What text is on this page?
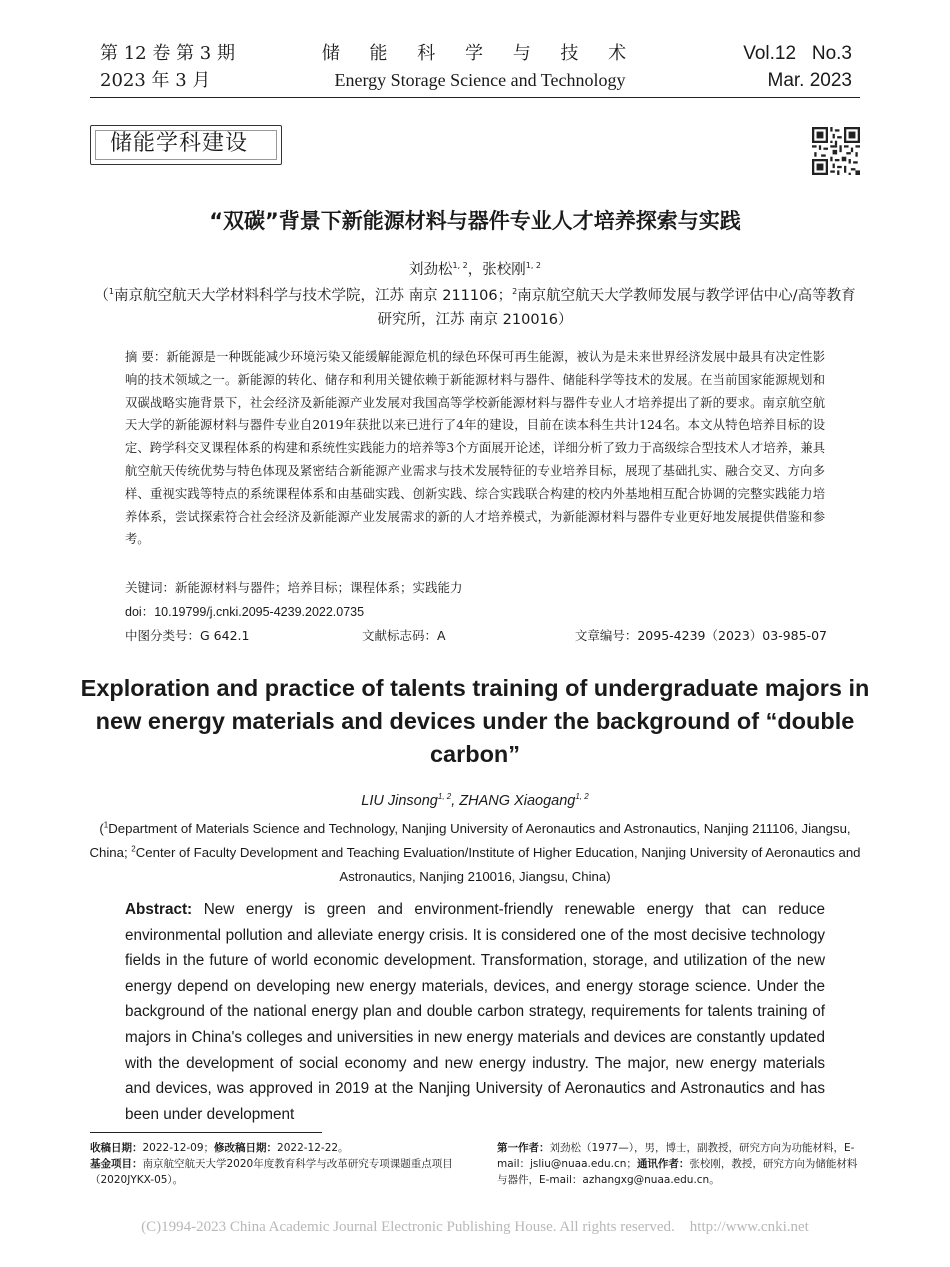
第 12 卷 第 3 期
2023 年 3 月
储 能 科 学 与 技 术
Energy Storage Science and Technology
Vol.12   No.3
Mar. 2023
储能学科建设
“双碳”背景下新能源材料与器件专业人才培养探索与实践
刘劲松$^{1, 2}$，张校刚$^{1, 2}$
（$^1$南京航空航天大学材料科学与技术学院，江苏 南京 211106；$^2$南京航空航天大学教师发展与教学评估中心/高等教育研究所，江苏 南京 210016）
摘 要：新能源是一种既能减少环境污染又能缓解能源危机的绿色环保可再生能源，被认为是未来世界经济发展中最具有决定性影响的技术领域之一。新能源的转化、储存和利用关键依赖于新能源材料与器件、储能科学等技术的发展。在当前国家能源规划和双碳战略实施背景下，社会经济及新能源产业发展对我国高等学校新能源材料与器件专业人才培养提出了新的要求。南京航空航天大学的新能源材料与器件专业自2019年获批以来已进行了4年的建设，目前在读本科生共计124名。本文从特色培养目标的设定、跨学科交叉课程体系的构建和系统性实践能力的培养等3个方面展开论述，详细分析了致力于高级综合型技术人才培养，兼具航空航天传统优势与特色体现及紧密结合新能源产业需求与技术发展特征的专业培养目标，展现了基础扎实、融合交叉、方向多样、重视实践等特点的系统课程体系和由基础实践、创新实践、综合实践联合构建的校内外基地相互配合协调的完整实践能力培养体系，尝试探索符合社会经济及新能源产业发展需求的新的人才培养模式，为新能源材料与器件专业更好地发展提供借鉴和参考。
关键词：新能源材料与器件；培养目标；课程体系；实践能力
doi：10.19799/j.cnki.2095-4239.2022.0735
中图分类号：G 642.1	文献标志码：A	文章编号：2095-4239（2023）03-985-07
Exploration and practice of talents training of undergraduate majors in new energy materials and devices under the background of “double carbon”
LIU Jinsong$^{1, 2}$, ZHANG Xiaogang$^{1, 2}$
($^1$Department of Materials Science and Technology, Nanjing University of Aeronautics and Astronautics, Nanjing 211106, Jiangsu, China; $^2$Center of Faculty Development and Teaching Evaluation/Institute of Higher Education, Nanjing University of Aeronautics and Astronautics, Nanjing 210016, Jiangsu, China)
Abstract: New energy is green and environment-friendly renewable energy that can reduce environmental pollution and alleviate energy crisis. It is considered one of the most decisive technology fields in the future of world economic development. Transformation, storage, and utilization of the new energy depend on developing new energy materials, devices, and energy storage science. Under the background of the national energy plan and double carbon strategy, requirements for talents training of majors in China's colleges and universities in new energy materials and devices are constantly updated with the development of social economy and new energy industry. The major, new energy materials and devices, was approved in 2019 at the Nanjing University of Aeronautics and Astronautics and has been under development
收稿日期：2022-12-09；修改稿日期：2022-12-22。
基金项目：南京航空航天大学2020年度教育科学与改革研究专项课题重点项目（2020JYKX-05）。
第一作者：刘劲松（1977—），男，博士，副教授，研究方向为功能材料，E-mail：jsliu@nuaa.edu.cn；通讯作者：张校刚，教授，研究方向为储能材料与器件，E-mail：azhangxg@nuaa.edu.cn。
(C)1994-2023 China Academic Journal Electronic Publishing House. All rights reserved.    http://www.cnki.net
